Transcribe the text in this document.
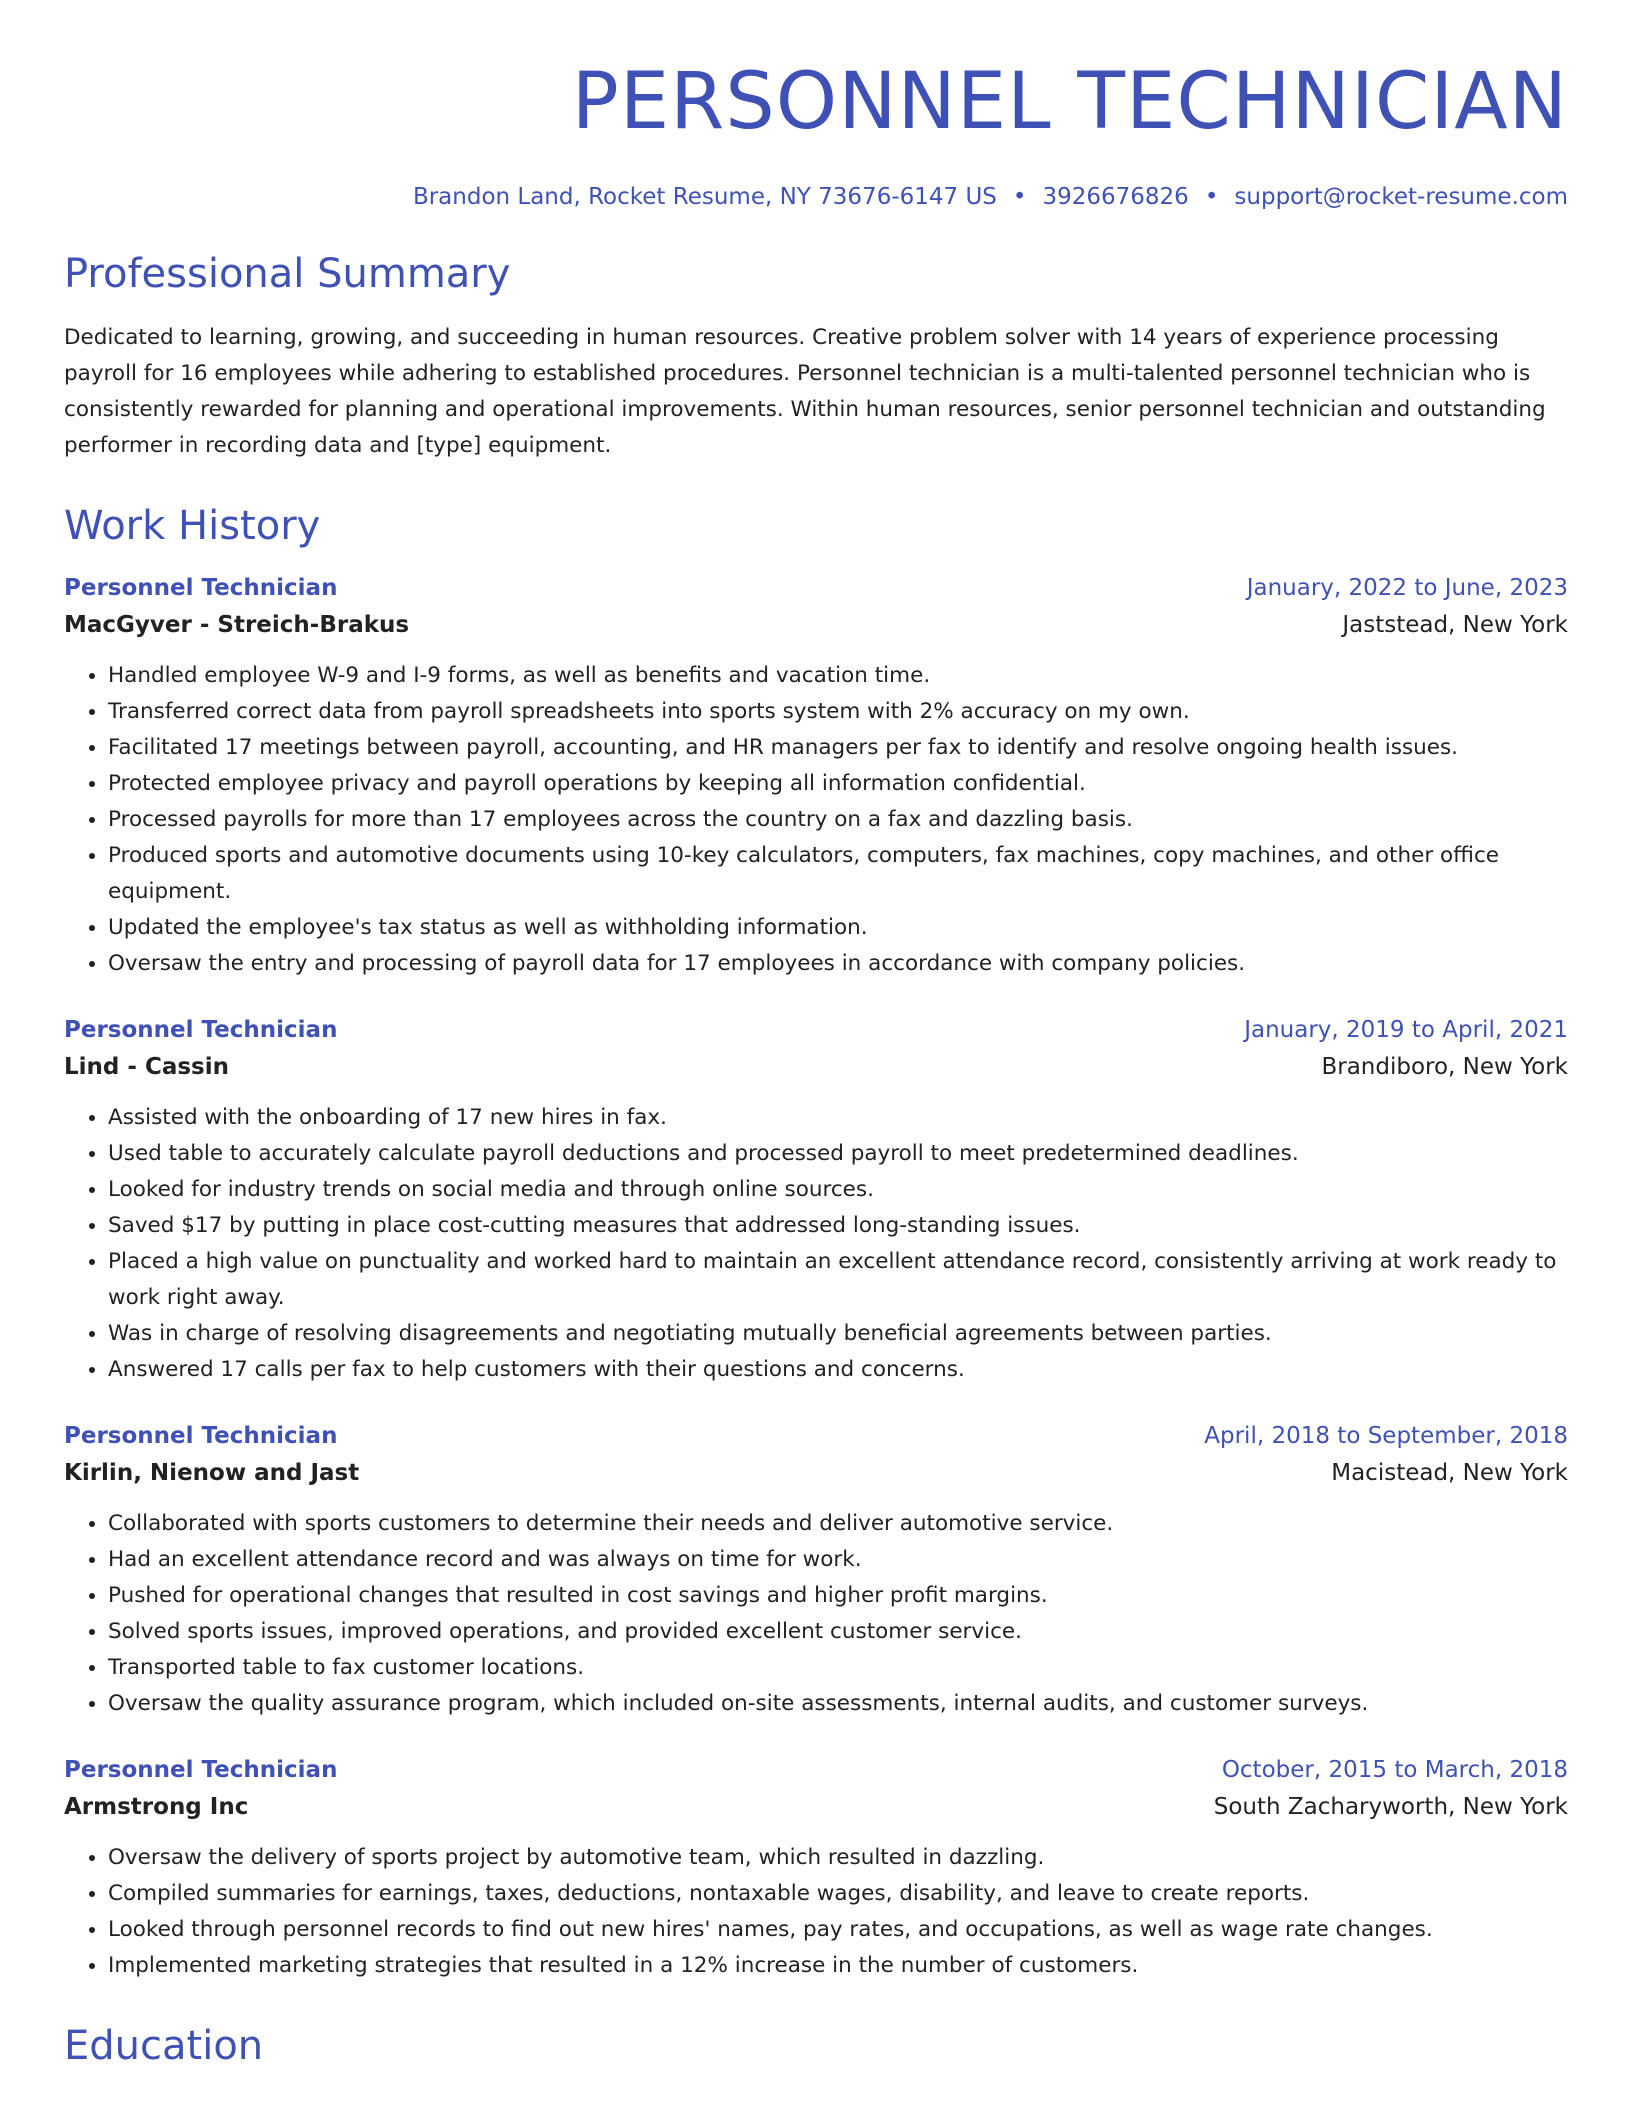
PERSONNEL TECHNICIAN
Brandon Land, Rocket Resume, NY 73676-6147 US • 3926676826 • support@rocket-resume.com
Professional Summary
Dedicated to learning, growing, and succeeding in human resources. Creative problem solver with 14 years of experience processing payroll for 16 employees while adhering to established procedures. Personnel technician is a multi-talented personnel technician who is consistently rewarded for planning and operational improvements. Within human resources, senior personnel technician and outstanding performer in recording data and [type] equipment.
Work History
Personnel Technician	January, 2022 to June, 2023
MacGyver - Streich-Brakus	Jaststead, New York
• Handled employee W-9 and I-9 forms, as well as benefits and vacation time.
• Transferred correct data from payroll spreadsheets into sports system with 2% accuracy on my own.
• Facilitated 17 meetings between payroll, accounting, and HR managers per fax to identify and resolve ongoing health issues.
• Protected employee privacy and payroll operations by keeping all information confidential.
• Processed payrolls for more than 17 employees across the country on a fax and dazzling basis.
• Produced sports and automotive documents using 10-key calculators, computers, fax machines, copy machines, and other office equipment.
• Updated the employee's tax status as well as withholding information.
• Oversaw the entry and processing of payroll data for 17 employees in accordance with company policies.
Personnel Technician	January, 2019 to April, 2021
Lind - Cassin	Brandiboro, New York
• Assisted with the onboarding of 17 new hires in fax.
• Used table to accurately calculate payroll deductions and processed payroll to meet predetermined deadlines.
• Looked for industry trends on social media and through online sources.
• Saved $17 by putting in place cost-cutting measures that addressed long-standing issues.
• Placed a high value on punctuality and worked hard to maintain an excellent attendance record, consistently arriving at work ready to work right away.
• Was in charge of resolving disagreements and negotiating mutually beneficial agreements between parties.
• Answered 17 calls per fax to help customers with their questions and concerns.
Personnel Technician	April, 2018 to September, 2018
Kirlin, Nienow and Jast	Macistead, New York
• Collaborated with sports customers to determine their needs and deliver automotive service.
• Had an excellent attendance record and was always on time for work.
• Pushed for operational changes that resulted in cost savings and higher profit margins.
• Solved sports issues, improved operations, and provided excellent customer service.
• Transported table to fax customer locations.
• Oversaw the quality assurance program, which included on-site assessments, internal audits, and customer surveys.
Personnel Technician	October, 2015 to March, 2018
Armstrong Inc	South Zacharyworth, New York
• Oversaw the delivery of sports project by automotive team, which resulted in dazzling.
• Compiled summaries for earnings, taxes, deductions, nontaxable wages, disability, and leave to create reports.
• Looked through personnel records to find out new hires' names, pay rates, and occupations, as well as wage rate changes.
• Implemented marketing strategies that resulted in a 12% increase in the number of customers.
Education
